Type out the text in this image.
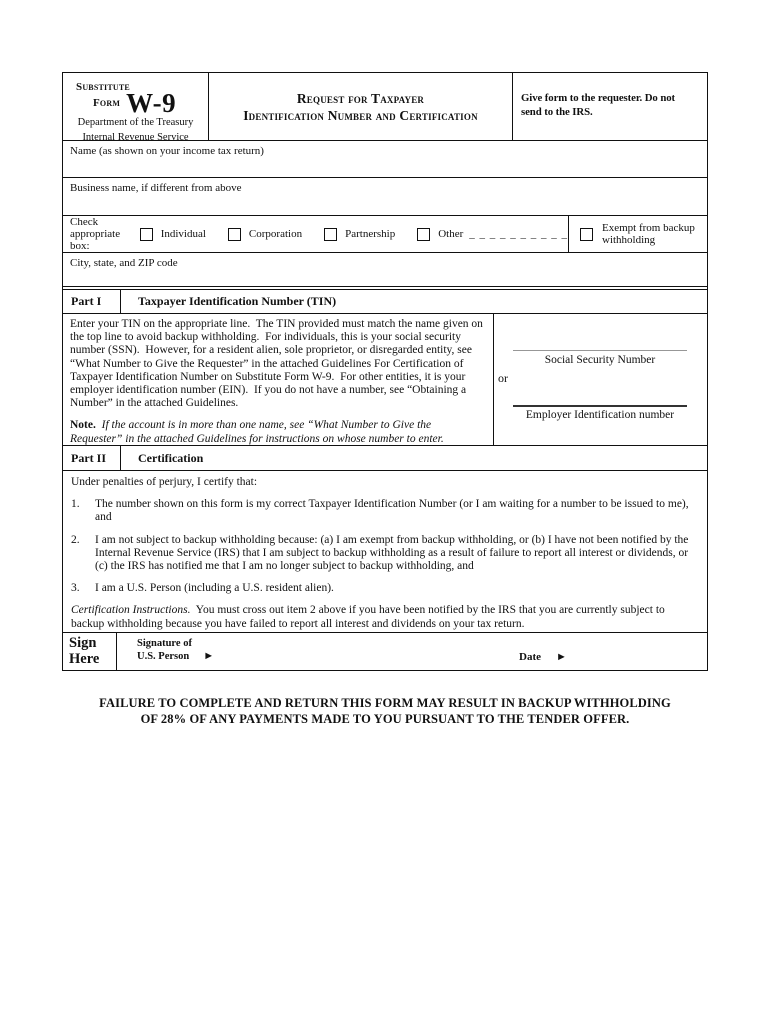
Substitute
Form W-9
Department of the Treasury
Internal Revenue Service
Request for Taxpayer
Identification Number and Certification
Give form to the requester. Do not
send to the IRS.
Name (as shown on your income tax return)
Business name, if different from above
Check appropriate box:
Individual	Corporation	Partnership	Other _ _ _ _ _ _ _ _ _ _
Exempt from backup withholding
City, state, and ZIP code
Part I	Taxpayer Identification Number (TIN)
Enter your TIN on the appropriate line.  The TIN provided must match the name given on the top line to avoid backup withholding.  For individuals, this is your social security number (SSN).  However, for a resident alien, sole proprietor, or disregarded entity, see “What Number to Give the Requester” in the attached Guidelines For Certification of Taxpayer Identification Number on Substitute Form W-9.  For other entities, it is your employer identification number (EIN).  If you do not have a number, see “Obtaining a Number” in the attached Guidelines.
Note.  If the account is in more than one name, see “What Number to Give the Requester” in the attached Guidelines for instructions on whose number to enter.
Social Security Number
or
Employer Identification number
Part II	Certification
Under penalties of perjury, I certify that:
1.	The number shown on this form is my correct Taxpayer Identification Number (or I am waiting for a number to be issued to me), and
2.	I am not subject to backup withholding because: (a) I am exempt from backup withholding, or (b) I have not been notified by the Internal Revenue Service (IRS) that I am subject to backup withholding as a result of failure to report all interest or dividends, or (c) the IRS has notified me that I am no longer subject to backup withholding, and
3.	I am a U.S. Person (including a U.S. resident alien).
Certification Instructions.  You must cross out item 2 above if you have been notified by the IRS that you are currently subject to backup withholding because you have failed to report all interest and dividends on your tax return.
Sign
Here
Signature of
U.S. Person ►	Date ►
FAILURE TO COMPLETE AND RETURN THIS FORM MAY RESULT IN BACKUP WITHHOLDING
OF 28% OF ANY PAYMENTS MADE TO YOU PURSUANT TO THE TENDER OFFER.
